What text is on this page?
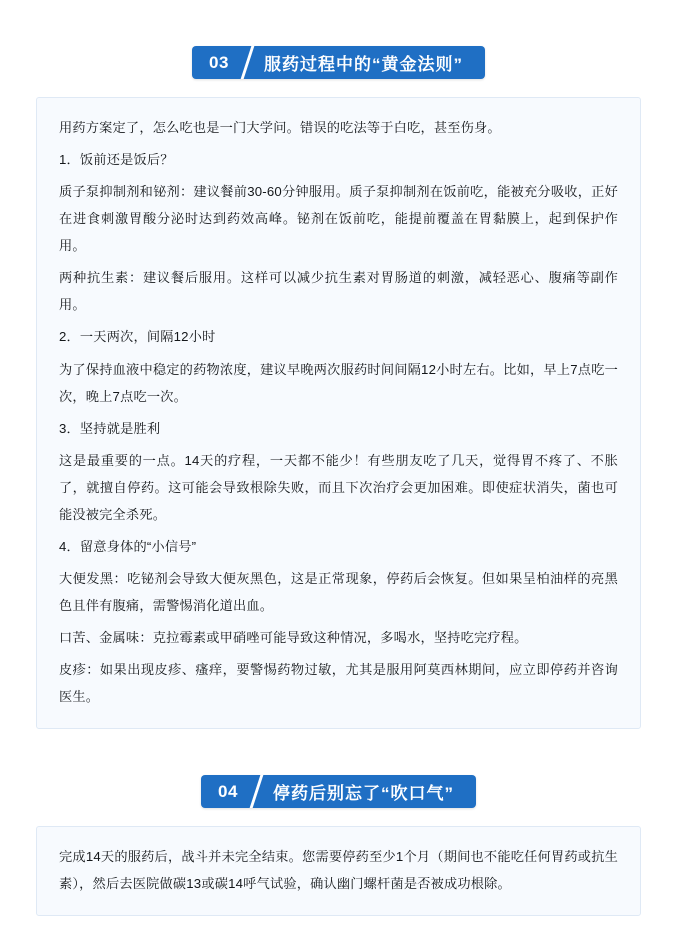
03	服药过程中的“黄金法则”

用药方案定了，怎么吃也是一门大学问。错误的吃法等于白吃，甚至伤身。

1．饭前还是饭后？

质子泵抑制剂和铋剂：建议餐前30-60分钟服用。质子泵抑制剂在饭前吃，能被充分吸收，正好在进食刺激胃酸分泌时达到药效高峰。铋剂在饭前吃，能提前覆盖在胃黏膜上，起到保护作用。

两种抗生素：建议餐后服用。这样可以减少抗生素对胃肠道的刺激，减轻恶心、腹痛等副作用。

2．一天两次，间隔12小时

为了保持血液中稳定的药物浓度，建议早晚两次服药时间间隔12小时左右。比如，早上7点吃一次，晚上7点吃一次。

3．坚持就是胜利

这是最重要的一点。14天的疗程，一天都不能少！有些朋友吃了几天，觉得胃不疼了、不胀了，就擅自停药。这可能会导致根除失败，而且下次治疗会更加困难。即使症状消失，菌也可能没被完全杀死。

4．留意身体的“小信号”

大便发黑：吃铋剂会导致大便灰黑色，这是正常现象，停药后会恢复。但如果呈柏油样的亮黑色且伴有腹痛，需警惕消化道出血。

口苦、金属味：克拉霉素或甲硝唑可能导致这种情况，多喝水，坚持吃完疗程。

皮疹：如果出现皮疹、瘙痒，要警惕药物过敏，尤其是服用阿莫西林期间，应立即停药并咨询医生。

04	停药后别忘了“吹口气”

完成14天的服药后，战斗并未完全结束。您需要停药至少1个月（期间也不能吃任何胃药或抗生素），然后去医院做碳13或碳14呼气试验，确认幽门螺杆菌是否被成功根除。
